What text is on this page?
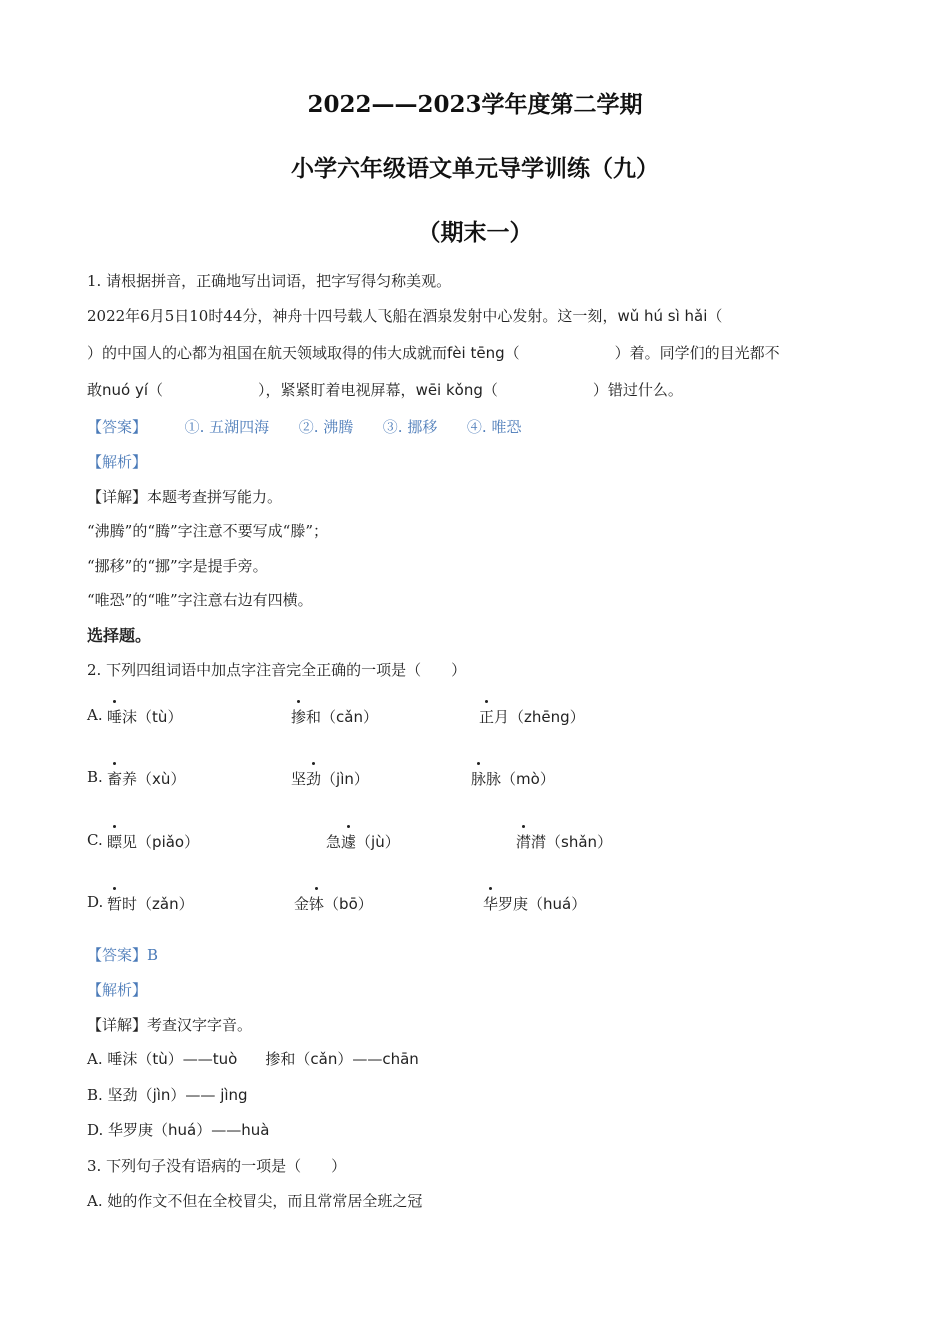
2022——2023学年度第二学期
小学六年级语文单元导学训练（九）
（期末一）
1. 请根据拼音，正确地写出词语，把字写得匀称美观。
2022年6月5日10时44分，神舟十四号载人飞船在酒泉发射中心发射。这一刻，wǔ hú sì hǎi（
）的中国人的心都为祖国在航天领域取得的伟大成就而fèi tēng（	）着。同学们的目光都不
敢nuó yí（	），紧紧盯着电视屏幕，wēi kǒng（	）错过什么。
【答案】	①. 五湖四海 ②. 沸腾 ③. 挪移 ④. 唯恐
【解析】
【详解】本题考查拼写能力。
“沸腾”的“腾”字注意不要写成“滕”；
“挪移”的“挪”字是提手旁。
“唯恐”的“唯”字注意右边有四横。
选择题。
2. 下列四组词语中加点字注音完全正确的一项是（　　）
A. 唾沫（tù）	掺和（cǎn）	正月（zhēng）
B. 畜养（xù）	坚劲（jìn）	脉脉（mò）
C. 瞟见（piǎo）	急遽（jù）	潸潸（shǎn）
D. 暂时（zǎn）	金钵（bō）	华罗庚（huá）
【答案】B
【解析】
【详解】考查汉字字音。
A. 唾沫（tù）——tuò 掺和（cǎn）——chān
B. 坚劲（jìn）—— jìng
D. 华罗庚（huá）——huà
3. 下列句子没有语病的一项是（　　）
A. 她的作文不但在全校冒尖，而且常常居全班之冠
